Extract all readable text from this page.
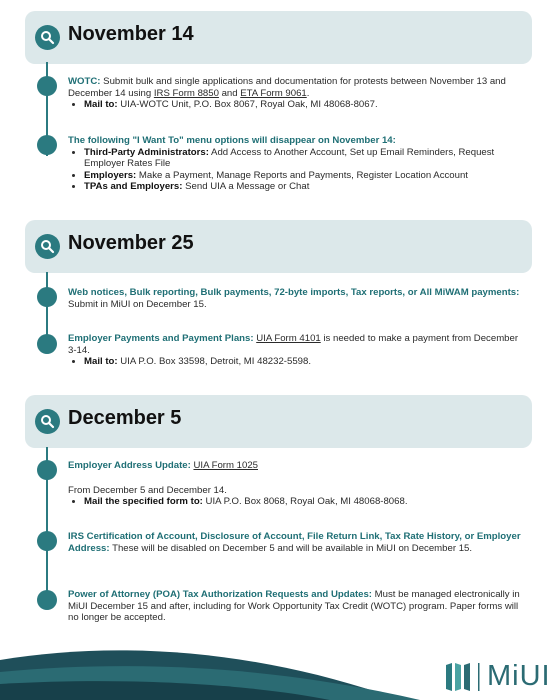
November 14
WOTC: Submit bulk and single applications and documentation for protests between November 13 and December 14 using IRS Form 8850 and ETA Form 9061.
• Mail to: UIA-WOTC Unit, P.O. Box 8067, Royal Oak, MI 48068-8067.
The following "I Want To" menu options will disappear on November 14:
• Third-Party Administrators: Add Access to Another Account, Set up Email Reminders, Request Employer Rates File
• Employers: Make a Payment, Manage Reports and Payments, Register Location Account
• TPAs and Employers: Send UIA a Message or Chat
November 25
Web notices, Bulk reporting, Bulk payments, 72-byte imports, Tax reports, or All MiWAM payments: Submit in MiUI on December 15.
Employer Payments and Payment Plans: UIA Form 4101 is needed to make a payment from December 3-14.
• Mail to: UIA P.O. Box 33598, Detroit, MI 48232-5598.
December 5
Employer Address Update: UIA Form 1025
From December 5 and December 14.
• Mail the specified form to: UIA P.O. Box 8068, Royal Oak, MI 48068-8068.
IRS Certification of Account, Disclosure of Account, File Return Link, Tax Rate History, or Employer Address: These will be disabled on December 5 and will be available in MiUI on December 15.
Power of Attorney (POA) Tax Authorization Requests and Updates: Must be managed electronically in MiUI December 15 and after, including for Work Opportunity Tax Credit (WOTC) program. Paper forms will no longer be accepted.
MiUI
